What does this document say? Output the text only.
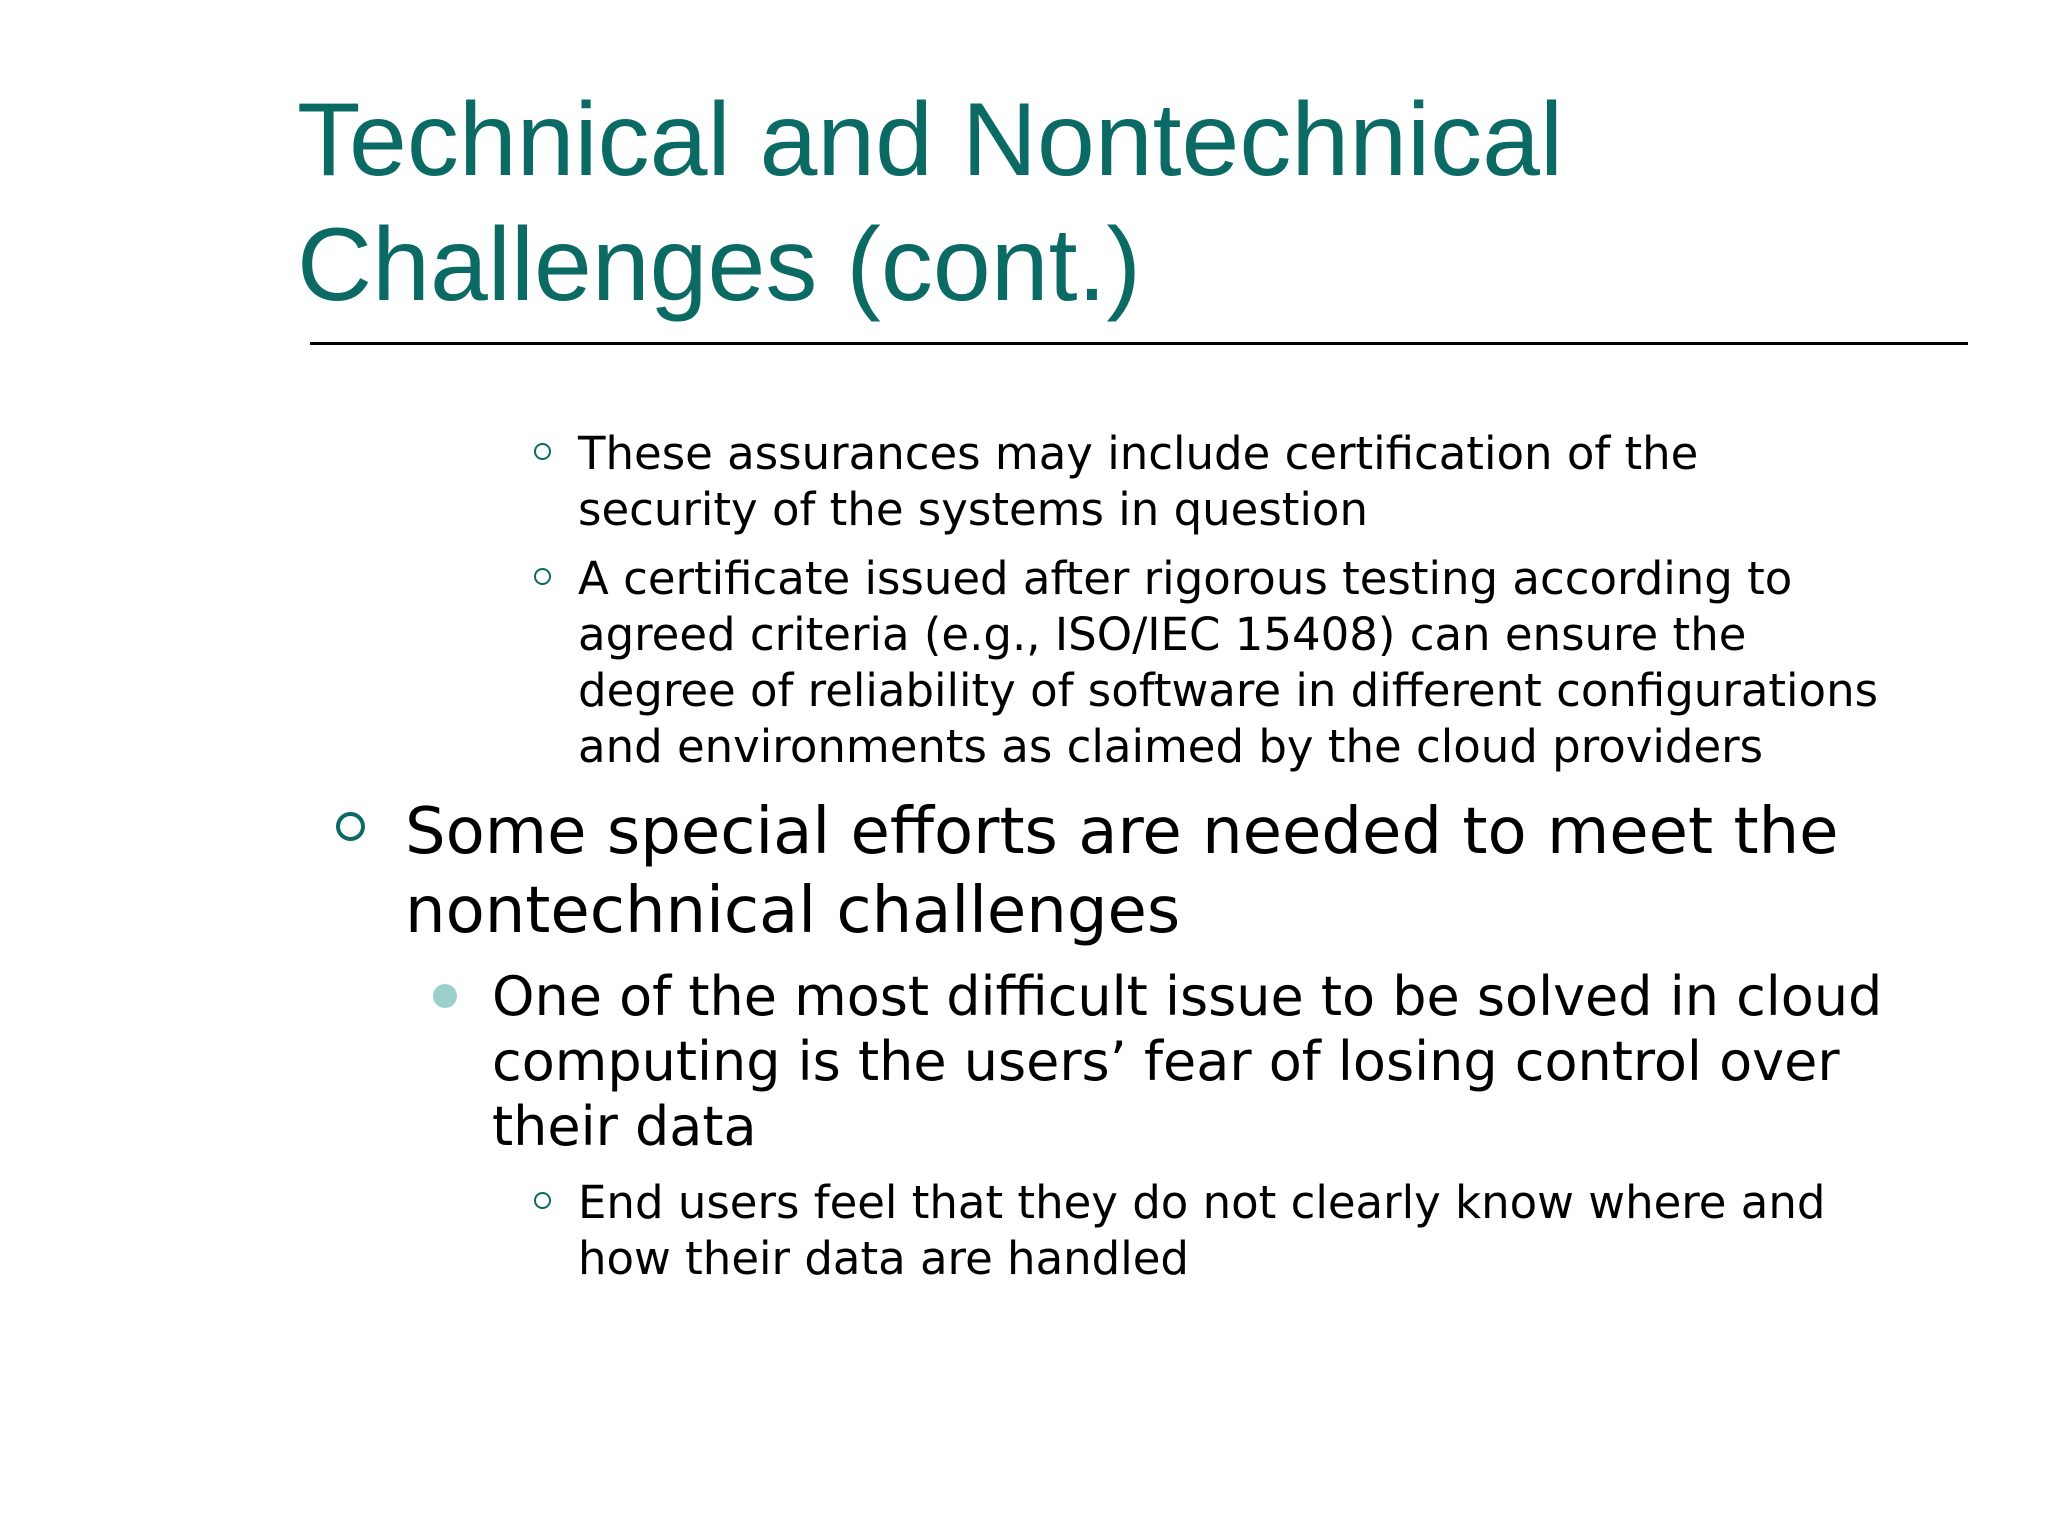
Technical and Nontechnical
Challenges (cont.)
These assurances may include certification of the
security of the systems in question
A certificate issued after rigorous testing according to
agreed criteria (e.g., ISO/IEC 15408) can ensure the
degree of reliability of software in different configurations
and environments as claimed by the cloud providers
Some special efforts are needed to meet the
nontechnical challenges
One of the most difficult issue to be solved in cloud
computing is the users’ fear of losing control over
their data
End users feel that they do not clearly know where and
how their data are handled
